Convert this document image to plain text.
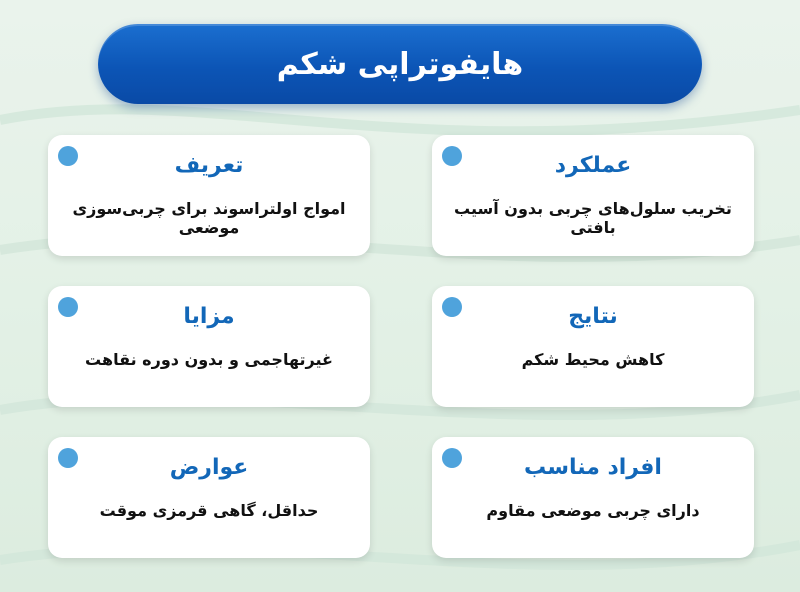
هایفوتراپی شکم
عملکرد
تخریب سلول‌های چربی بدون آسیب بافتی
تعریف
امواج اولتراسوند برای چربی‌سوزی موضعی
نتایج
کاهش محیط شکم
مزایا
غیرتهاجمی و بدون دوره نقاهت
افراد مناسب
دارای چربی موضعی مقاوم
عوارض
حداقل، گاهی قرمزی موقت
